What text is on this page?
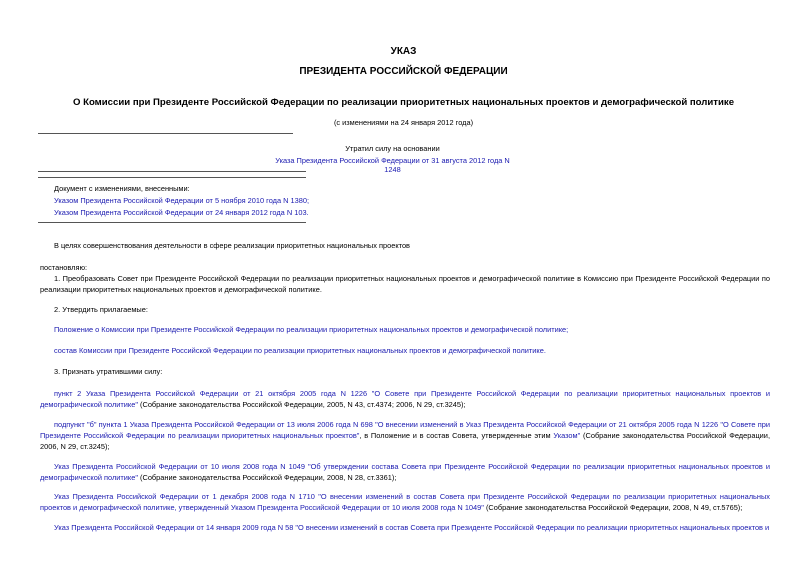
УКАЗ
ПРЕЗИДЕНТА РОССИЙСКОЙ ФЕДЕРАЦИИ
О Комиссии при Президенте Российской Федерации по реализации приоритетных национальных проектов и демографической политике
(с изменениями на 24 января 2012 года)
Утратил силу на основании
Указа Президента Российской Федерации от 31 августа 2012 года N 1248
Документ с изменениями, внесенными:
Указом Президента Российской Федерации от 5 ноября 2010 года N 1380;
Указом Президента Российской Федерации от 24 января 2012 года N 103.
В целях совершенствования деятельности в сфере реализации приоритетных национальных проектов
постановляю:
1. Преобразовать Совет при Президенте Российской Федерации по реализации приоритетных национальных проектов и демографической политике в Комиссию при Президенте Российской Федерации по реализации приоритетных национальных проектов и демографической политике.
2. Утвердить прилагаемые:
Положение о Комиссии при Президенте Российской Федерации по реализации приоритетных национальных проектов и демографической политике;
состав Комиссии при Президенте Российской Федерации по реализации приоритетных национальных проектов и демографической политике.
3. Признать утратившими силу:
пункт 2 Указа Президента Российской Федерации от 21 октября 2005 года N 1226 "О Совете при Президенте Российской Федерации по реализации приоритетных национальных проектов и демографической политике" (Собрание законодательства Российской Федерации, 2005, N 43, ст.4374; 2006, N 29, ст.3245);
подпункт "б" пункта 1 Указа Президента Российской Федерации от 13 июля 2006 года N 698 "О внесении изменений в Указ Президента Российской Федерации от 21 октября 2005 года N 1226 "О Совете при Президенте Российской Федерации по реализации приоритетных национальных проектов", в Положение и в состав Совета, утвержденные этим Указом" (Собрание законодательства Российской Федерации, 2006, N 29, ст.3245);
Указ Президента Российской Федерации от 10 июля 2008 года N 1049 "Об утверждении состава Совета при Президенте Российской Федерации по реализации приоритетных национальных проектов и демографической политике" (Собрание законодательства Российской Федерации, 2008, N 28, ст.3361);
Указ Президента Российской Федерации от 1 декабря 2008 года N 1710 "О внесении изменений в состав Совета при Президенте Российской Федерации по реализации приоритетных национальных проектов и демографической политике, утвержденный Указом Президента Российской Федерации от 10 июля 2008 года N 1049" (Собрание законодательства Российской Федерации, 2008, N 49, ст.5765);
Указ Президента Российской Федерации от 14 января 2009 года N 58 "О внесении изменений в состав Совета при Президенте Российской Федерации по реализации приоритетных национальных проектов и
